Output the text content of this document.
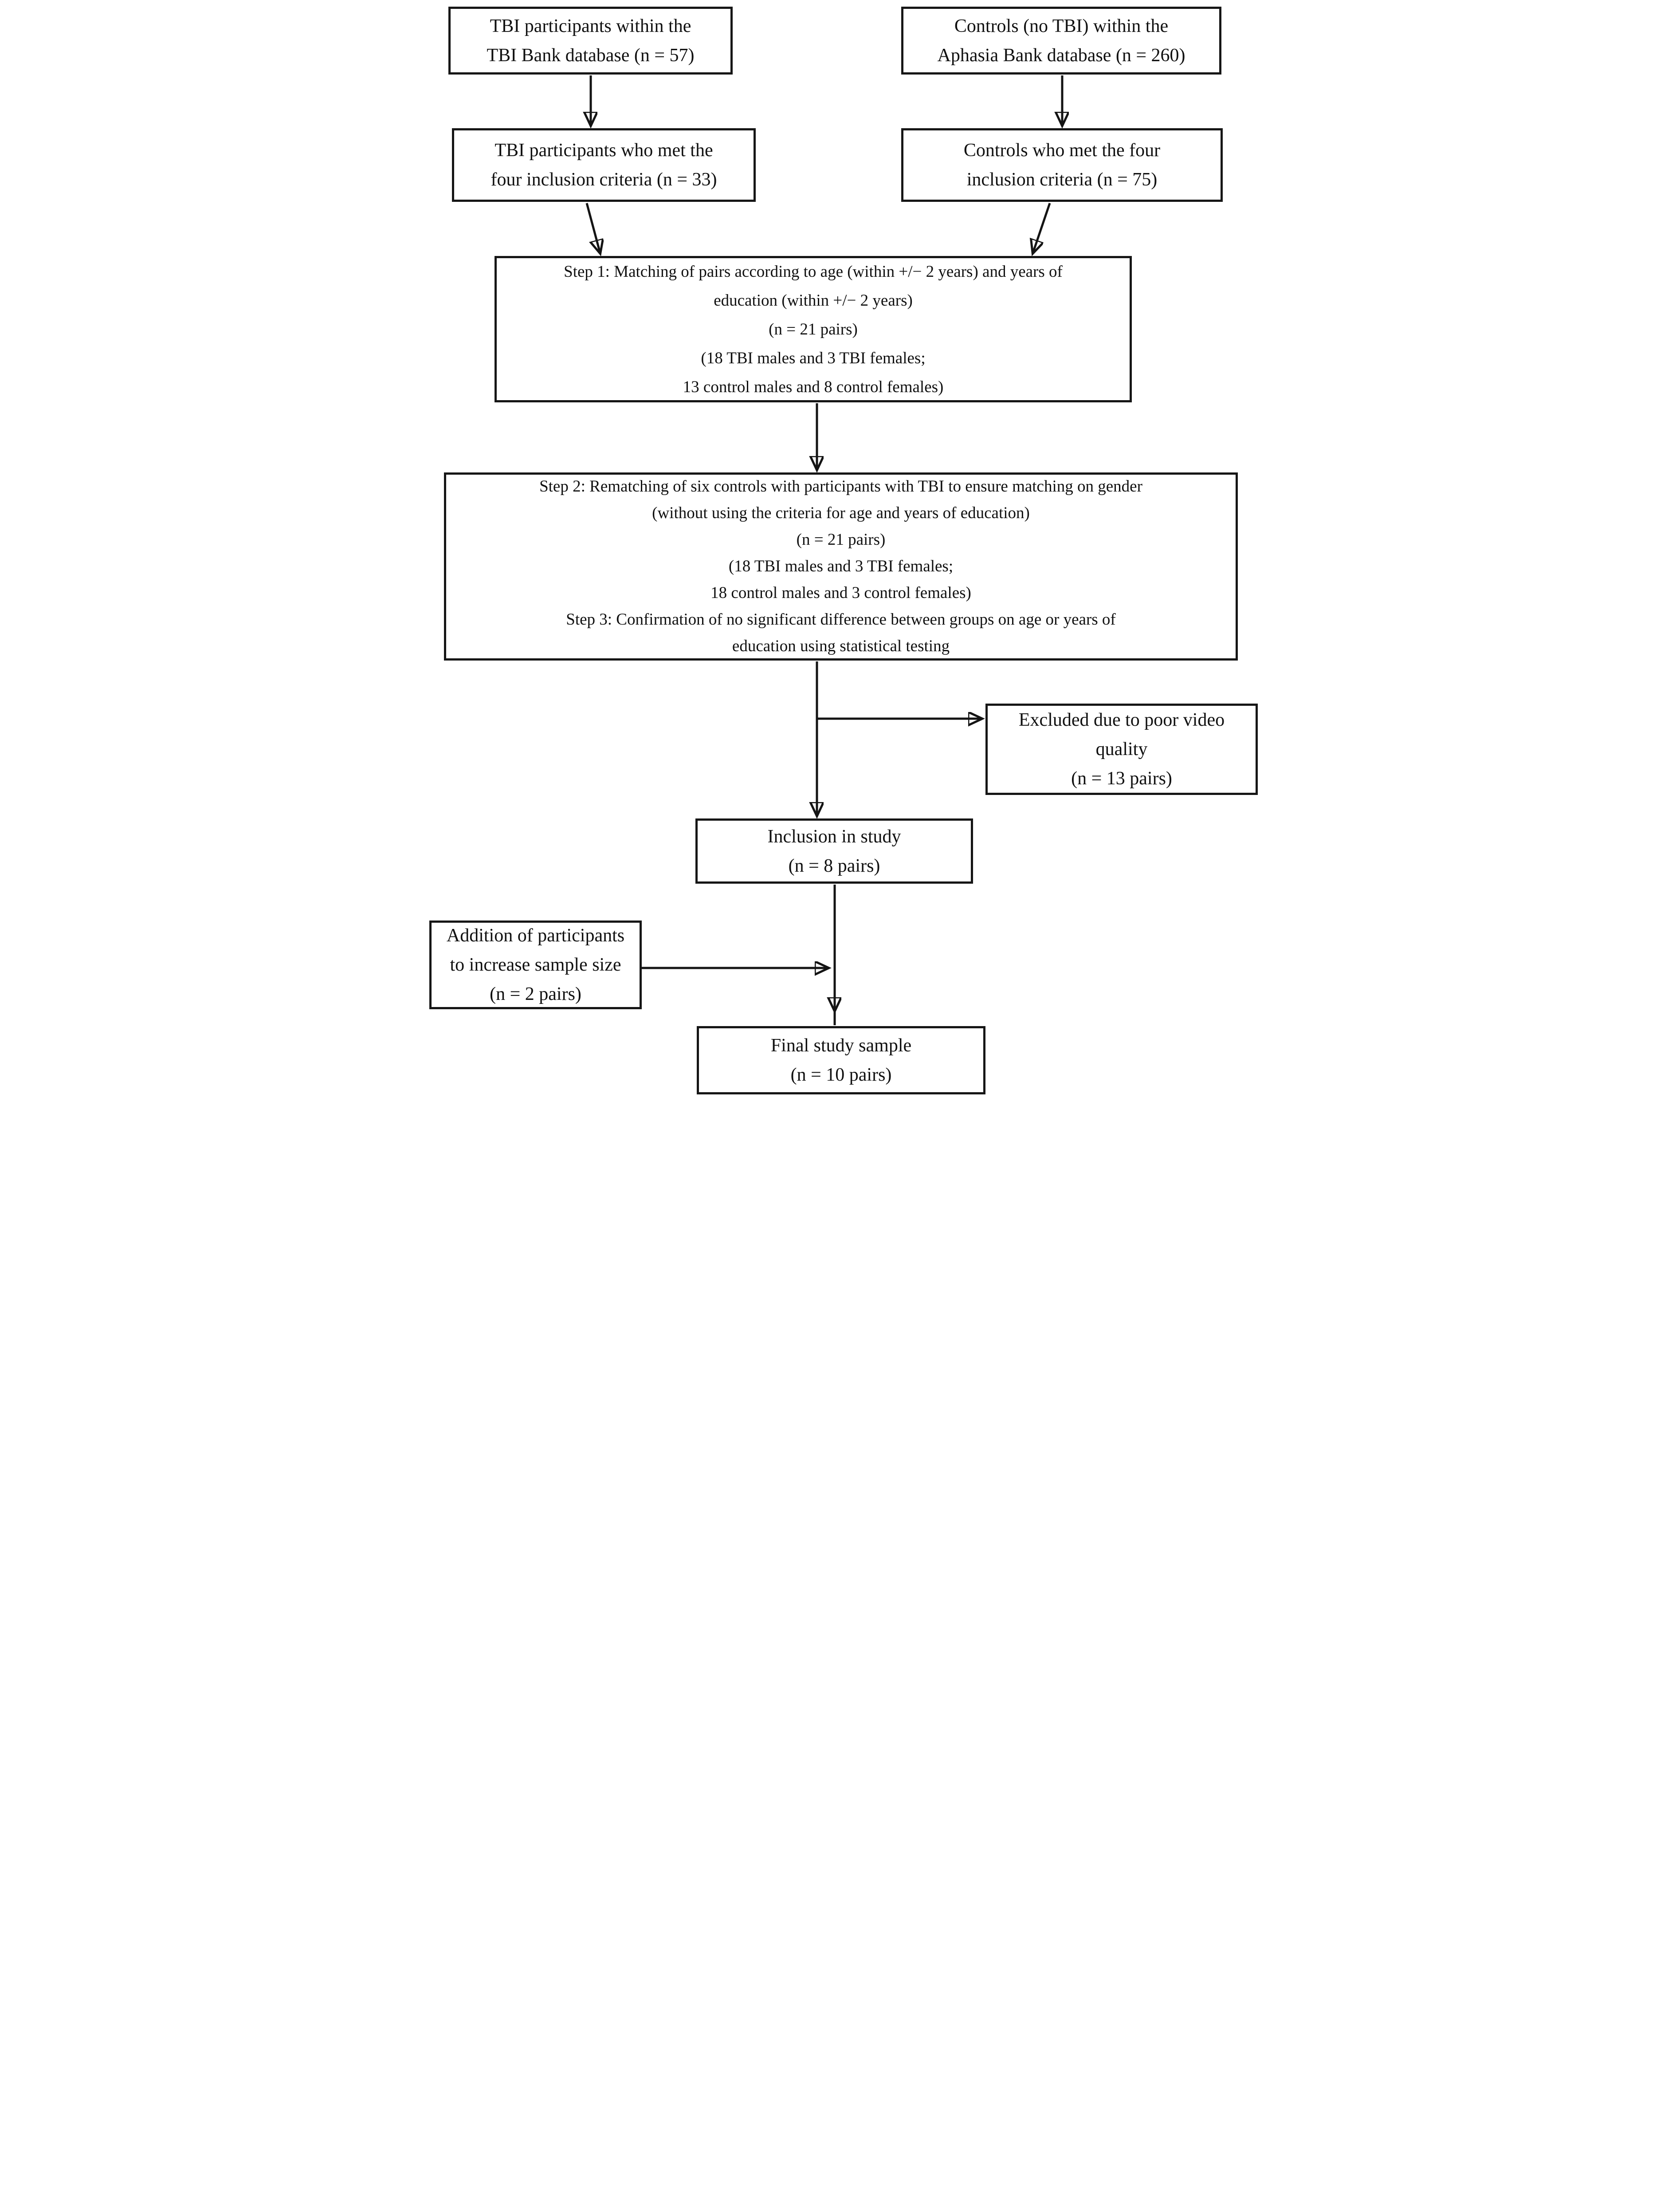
TBI participants within the
TBI Bank database (n = 57)
Controls (no TBI) within the
Aphasia Bank database (n = 260)
TBI participants who met the
four inclusion criteria (n = 33)
Controls who met the four
inclusion criteria (n = 75)
Step 1: Matching of pairs according to age (within +/− 2 years) and years of
education (within +/− 2 years)
(n = 21 pairs)
(18 TBI males and 3 TBI females;
13 control males and 8 control females)
Step 2: Rematching of six controls with participants with TBI to ensure matching on gender
(without using the criteria for age and years of education)
(n = 21 pairs)
(18 TBI males and 3 TBI females;
18 control males and 3 control females)
Step 3: Confirmation of no significant difference between groups on age or years of
education using statistical testing
Excluded due to poor video
quality
(n = 13 pairs)
Inclusion in study
(n = 8 pairs)
Addition of participants
to increase sample size
(n = 2 pairs)
Final study sample
(n = 10 pairs)
